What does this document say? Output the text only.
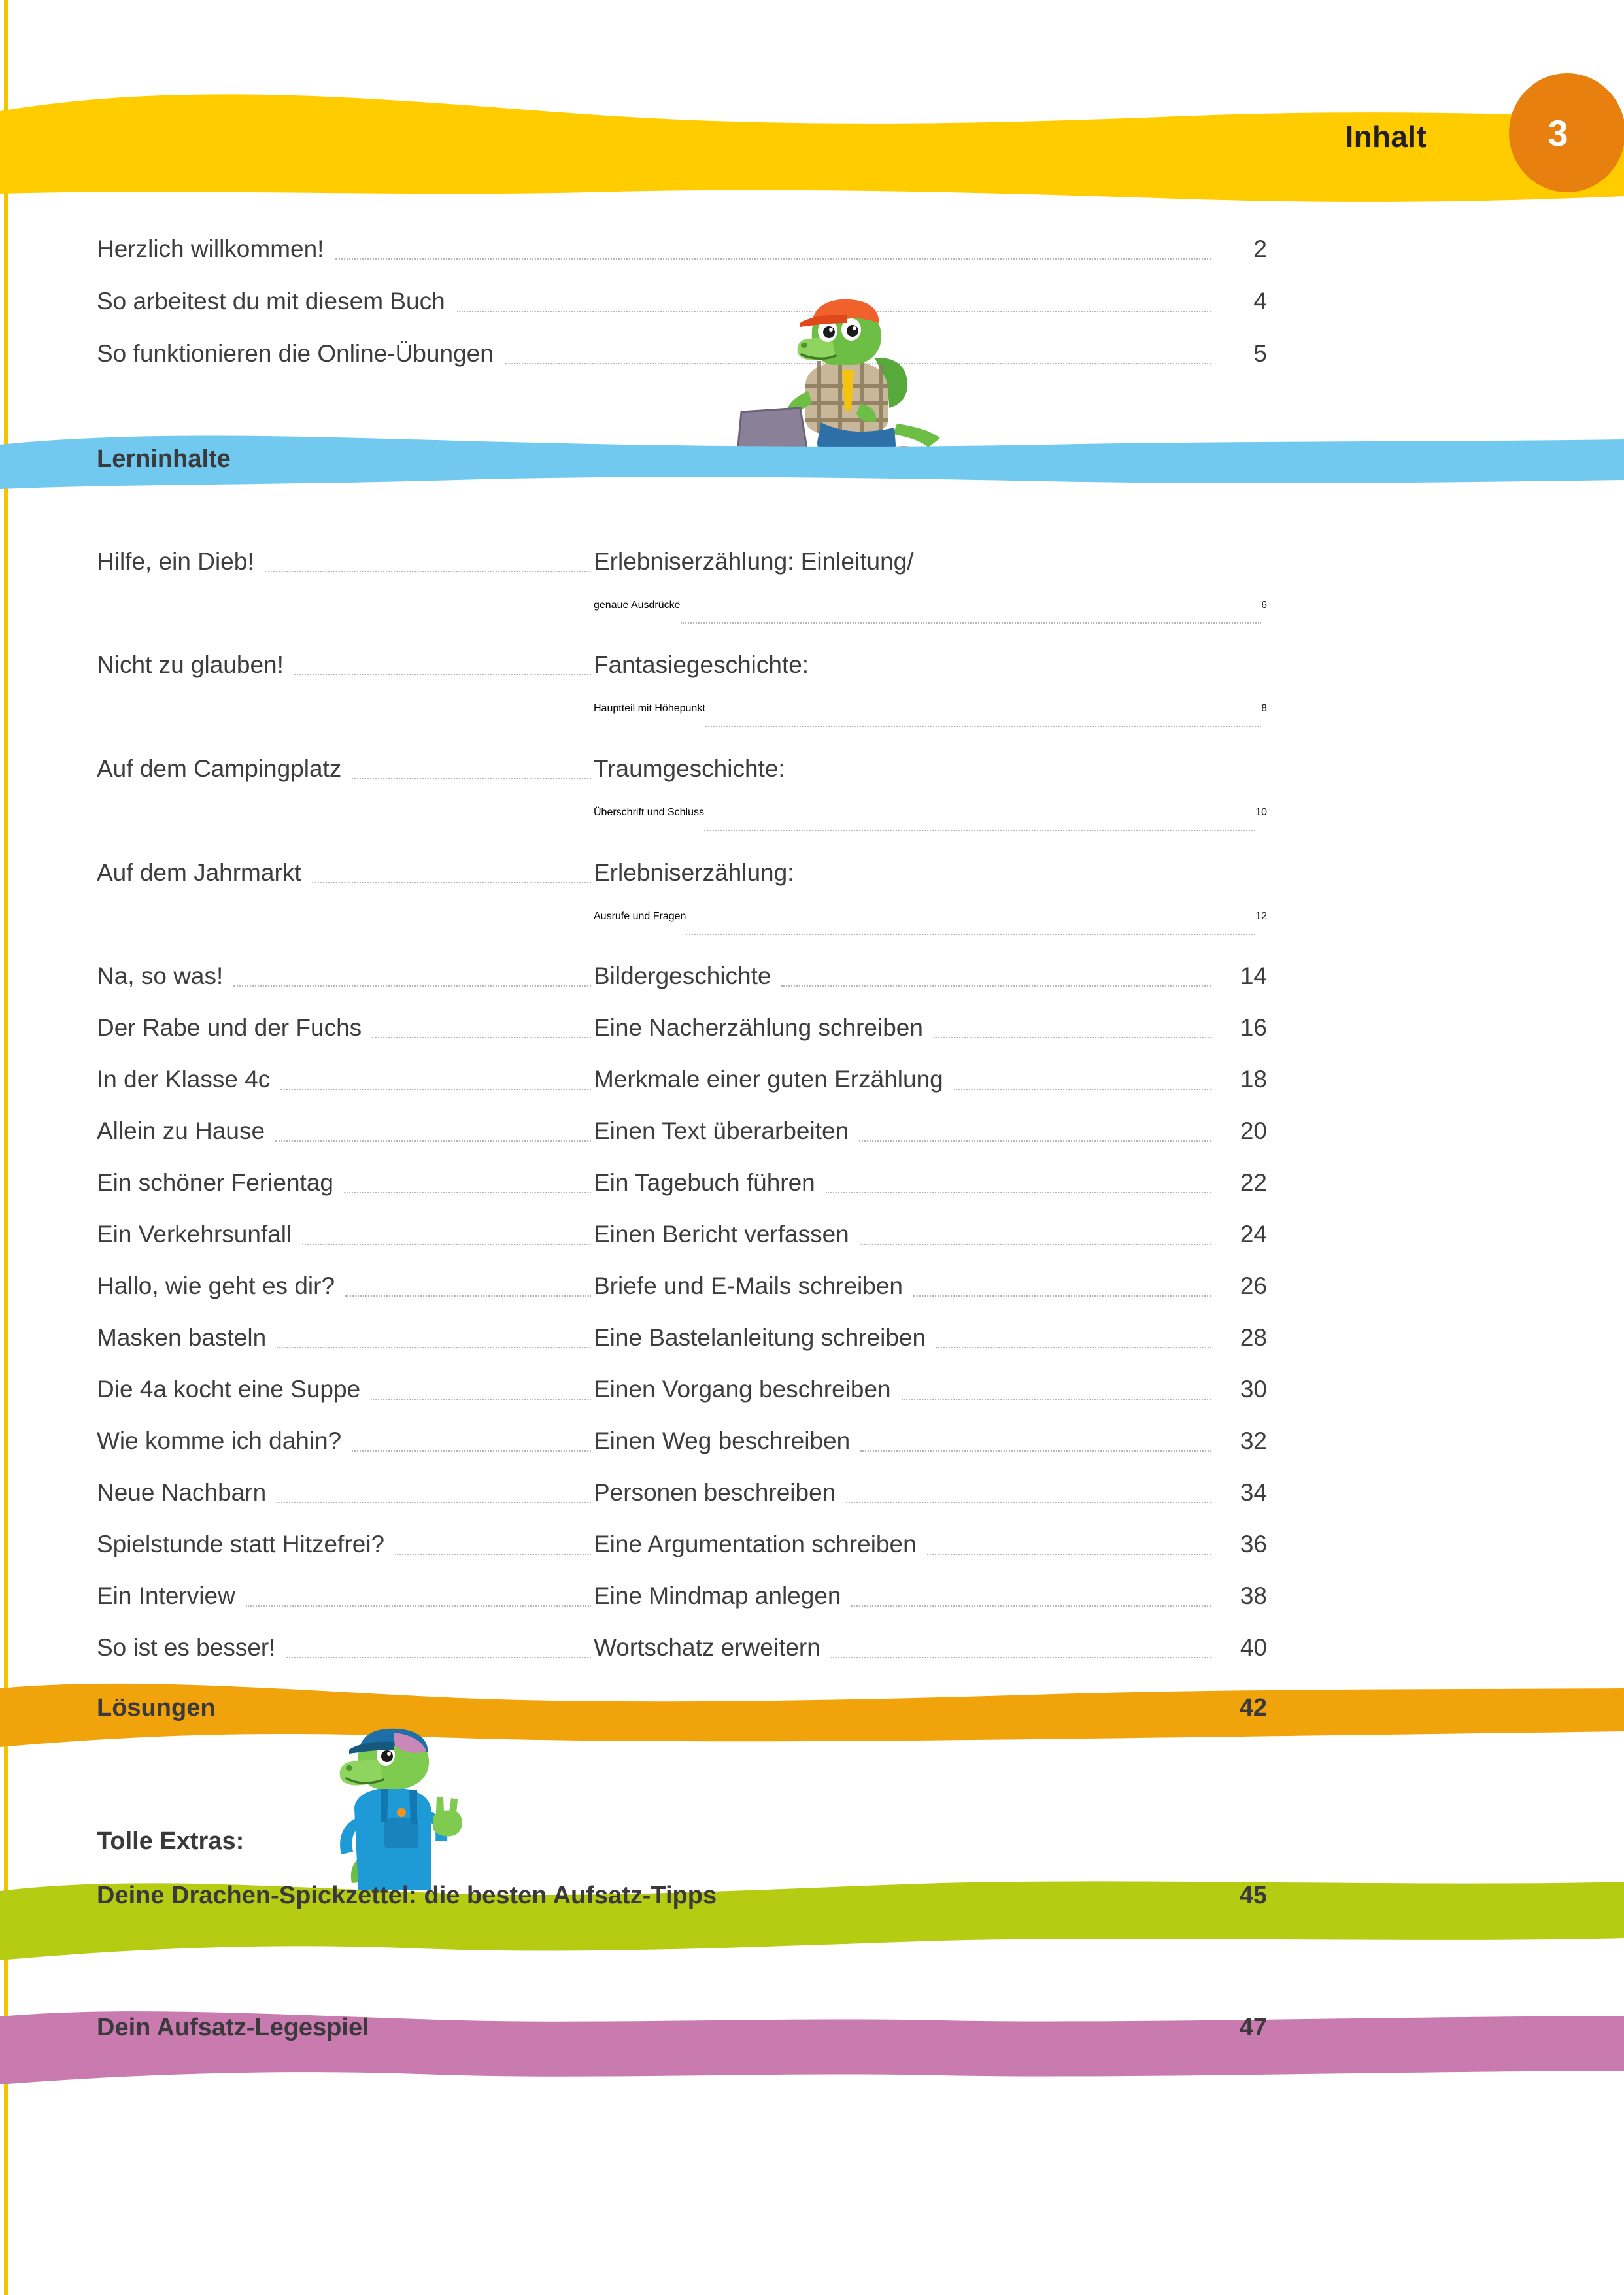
3
Inhalt
Herzlich willkommen!	2
So arbeitest du mit diesem Buch	4
So funktionieren die Online-Übungen	5
Lerninhalte
Hilfe, ein Dieb!	Erlebniserzählung: Einleitung/
genaue Ausdrücke	6
Nicht zu glauben!	Fantasiegeschichte:
Hauptteil mit Höhepunkt	8
Auf dem Campingplatz	Traumgeschichte:
Überschrift und Schluss	10
Auf dem Jahrmarkt	Erlebniserzählung:
Ausrufe und Fragen	12
Na, so was!	Bildergeschichte	14
Der Rabe und der Fuchs	Eine Nacherzählung schreiben	16
In der Klasse 4c	Merkmale einer guten Erzählung	18
Allein zu Hause	Einen Text überarbeiten	20
Ein schöner Ferientag	Ein Tagebuch führen	22
Ein Verkehrsunfall	Einen Bericht verfassen	24
Hallo, wie geht es dir?	Briefe und E-Mails schreiben	26
Masken basteln	Eine Bastelanleitung schreiben	28
Die 4a kocht eine Suppe	Einen Vorgang beschreiben	30
Wie komme ich dahin?	Einen Weg beschreiben	32
Neue Nachbarn	Personen beschreiben	34
Spielstunde statt Hitzefrei?	Eine Argumentation schreiben	36
Ein Interview	Eine Mindmap anlegen	38
So ist es besser!	Wortschatz erweitern	40
Lösungen	42
Tolle Extras:
Deine Drachen-Spickzettel: die besten Aufsatz-Tipps	45
Dein Aufsatz-Legespiel	47
